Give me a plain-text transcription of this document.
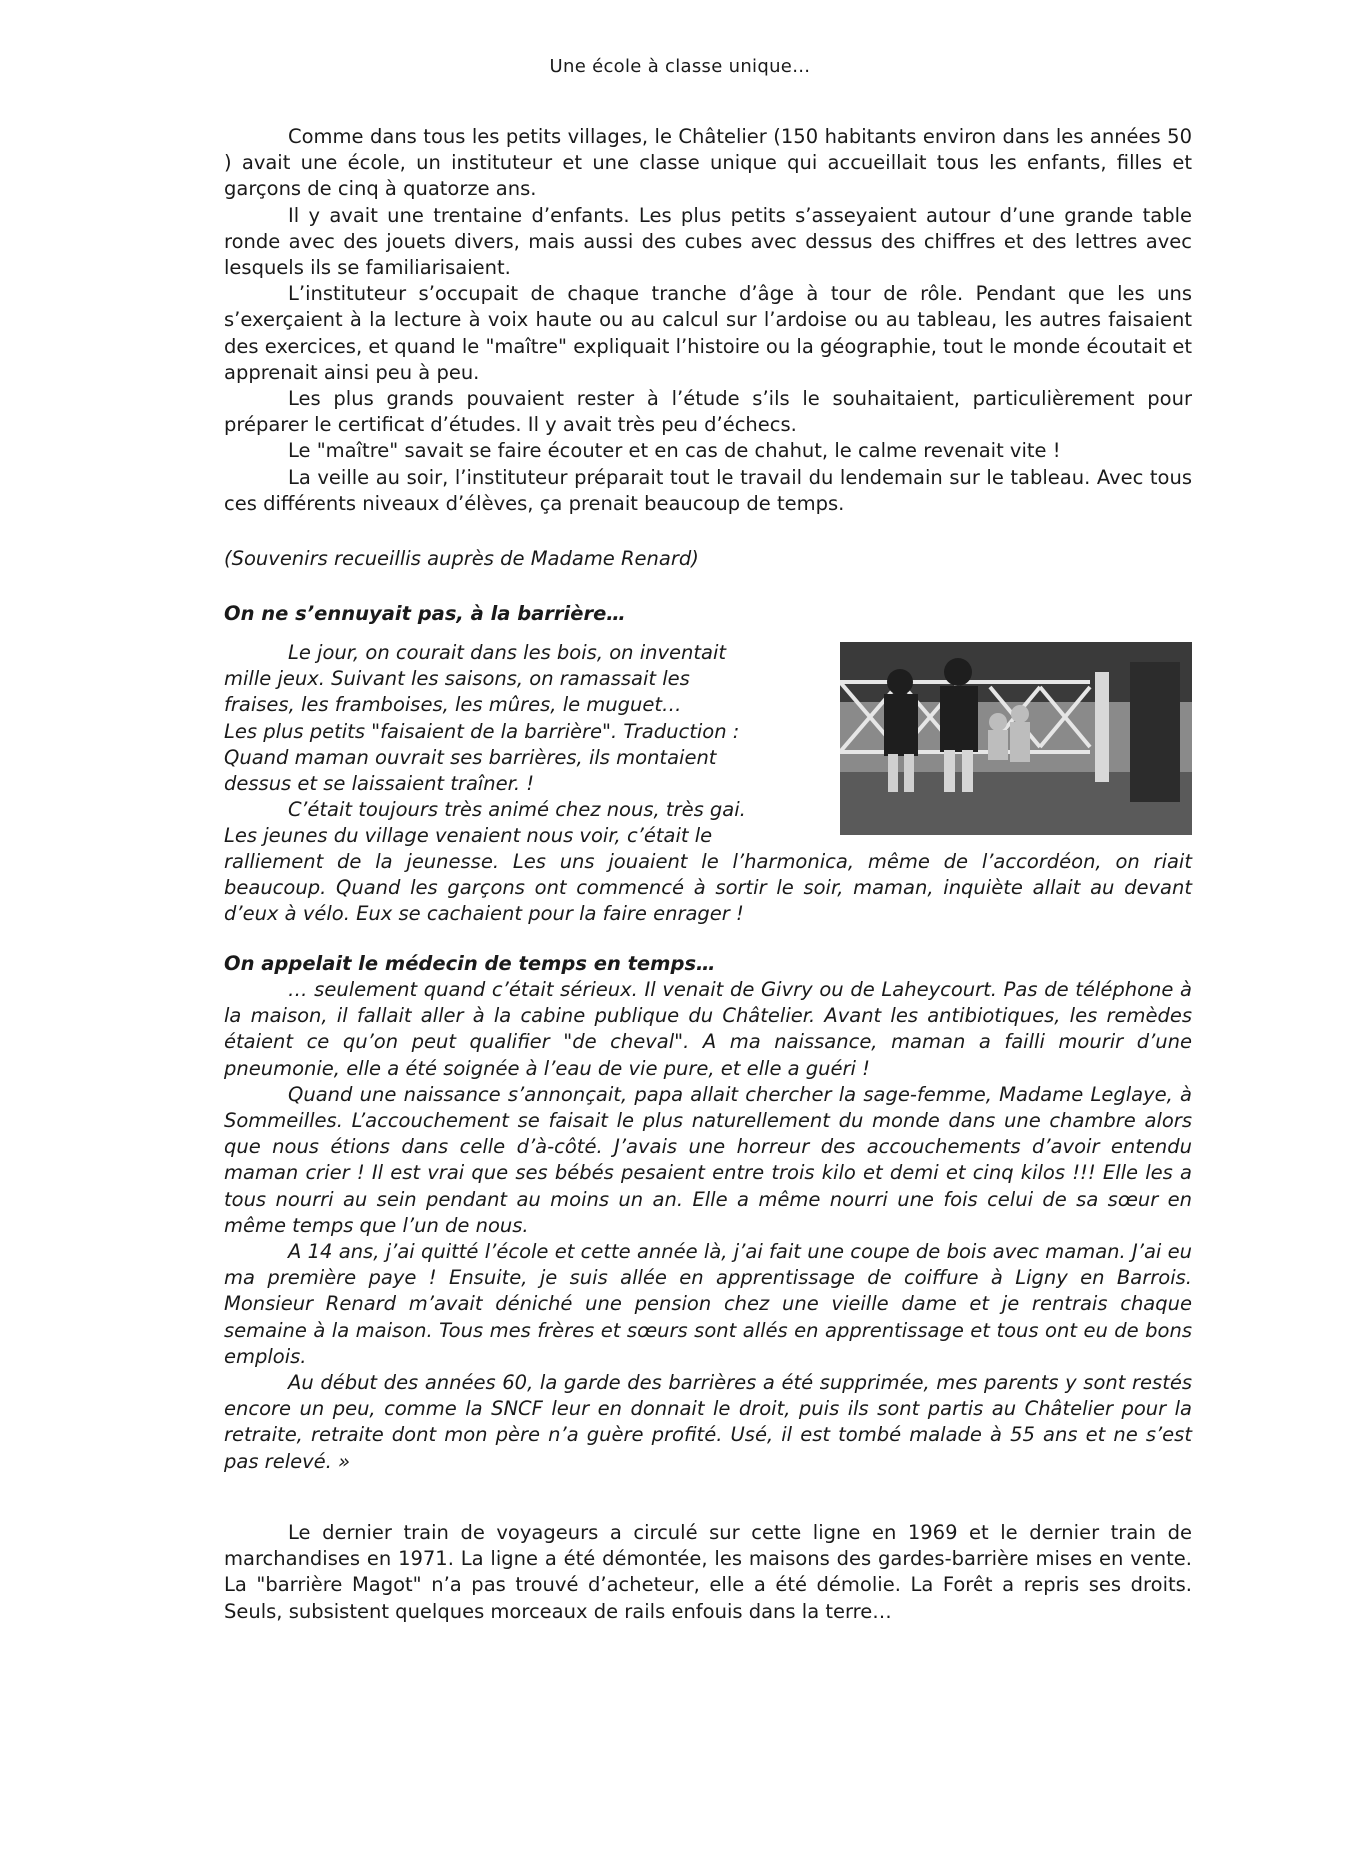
Une école à classe unique…

Comme dans tous les petits villages, le Châtelier (150 habitants environ dans les années 50 ) avait une école, un instituteur et une classe unique qui accueillait tous les enfants, filles et garçons de cinq à quatorze ans.

Il y avait une trentaine d’enfants. Les plus petits s’asseyaient autour d’une grande table ronde avec des jouets divers, mais aussi des cubes avec dessus des chiffres et des lettres avec lesquels ils se familiarisaient.

L’instituteur s’occupait de chaque tranche d’âge à tour de rôle. Pendant que les uns s’exerçaient à la lecture à voix haute ou au calcul sur l’ardoise ou au tableau, les autres faisaient des exercices, et quand le "maître" expliquait l’histoire ou la géographie, tout le monde écoutait et apprenait ainsi peu à peu.

Les plus grands pouvaient rester à l’étude s’ils le souhaitaient, particulièrement pour préparer le certificat d’études. Il y avait très peu d’échecs.

Le "maître" savait se faire écouter et en cas de chahut, le calme revenait vite !

La veille au soir, l’instituteur préparait tout le travail du lendemain sur le tableau. Avec tous ces différents niveaux d’élèves, ça prenait beaucoup de temps.

(Souvenirs recueillis auprès de Madame Renard)

On ne s’ennuyait pas, à la barrière…

Le jour, on courait dans les bois, on inventait

mille jeux. Suivant les saisons, on ramassait les

fraises, les framboises, les mûres, le muguet…

Les plus petits "faisaient de la barrière". Traduction :

Quand maman ouvrait ses barrières, ils montaient

dessus et se laissaient traîner. !

C’était toujours très animé chez nous, très gai.

Les jeunes du village venaient nous voir, c’était le

ralliement de la jeunesse. Les uns jouaient le l’harmonica, même de l’accordéon, on riait beaucoup. Quand les garçons ont commencé à sortir le soir, maman, inquiète allait au devant d’eux à vélo. Eux se cachaient pour la faire enrager !

On appelait le médecin de temps en temps…

… seulement quand c’était sérieux. Il venait de Givry ou de Laheycourt. Pas de téléphone à la maison, il fallait aller à la cabine publique du Châtelier. Avant les antibiotiques, les remèdes étaient ce qu’on peut qualifier "de cheval". A ma naissance, maman a failli mourir d’une pneumonie, elle a été soignée à l’eau de vie pure, et elle a guéri !

Quand une naissance s’annonçait, papa allait chercher la sage-femme, Madame Leglaye, à Sommeilles. L’accouchement se faisait le plus naturellement du monde dans une chambre alors que nous étions dans celle d’à-côté. J’avais une horreur des accouchements d’avoir entendu maman crier ! Il est vrai que ses bébés pesaient entre trois kilo et demi et cinq kilos !!! Elle les a tous nourri au sein pendant au moins un an. Elle a même nourri une fois celui de sa sœur en même temps que l’un de nous.

A 14 ans, j’ai quitté l’école et cette année là, j’ai fait une coupe de bois avec maman. J’ai eu ma première paye ! Ensuite, je suis allée en apprentissage de coiffure à Ligny en Barrois. Monsieur Renard m’avait déniché une pension chez une vieille dame et je rentrais chaque semaine à la maison. Tous mes frères et sœurs sont allés en apprentissage et tous ont eu de bons emplois.

Au début des années 60, la garde des barrières a été supprimée, mes parents y sont restés encore un peu, comme la SNCF leur en donnait le droit, puis ils sont partis au Châtelier pour la retraite, retraite dont mon père n’a guère profité. Usé, il est tombé malade à 55 ans et ne s’est pas relevé. »

Le dernier train de voyageurs a circulé sur cette ligne en 1969 et le dernier train de marchandises en 1971. La ligne a été démontée, les maisons des gardes-barrière mises en vente. La "barrière Magot" n’a pas trouvé d’acheteur, elle a été démolie. La Forêt a repris ses droits. Seuls, subsistent quelques morceaux de rails enfouis dans la terre…
